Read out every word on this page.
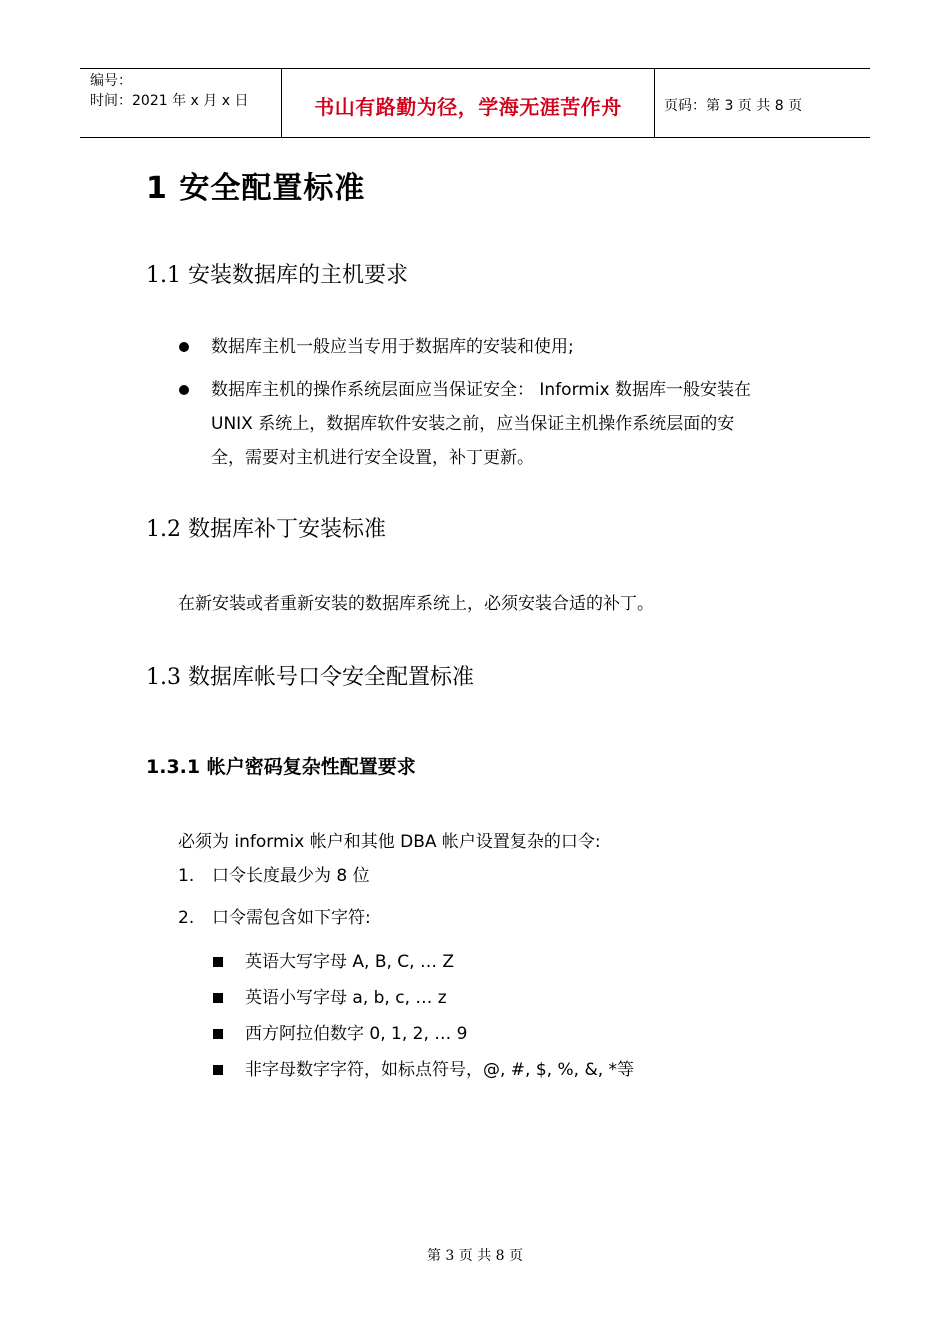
编号：
时间：2021 年 x 月 x 日	书山有路勤为径，学海无涯苦作舟	页码：第 3 页 共 8 页
1 安全配置标准
1.1 安装数据库的主机要求
数据库主机一般应当专用于数据库的安装和使用;
数据库主机的操作系统层面应当保证安全： Informix 数据库一般安装在
UNIX 系统上，数据库软件安装之前，应当保证主机操作系统层面的安
全，需要对主机进行安全设置，补丁更新。
1.2 数据库补丁安装标准
在新安装或者重新安装的数据库系统上，必须安装合适的补丁。
1.3 数据库帐号口令安全配置标准
1.3.1 帐户密码复杂性配置要求
必须为 informix 帐户和其他 DBA 帐户设置复杂的口令:
1. 口令长度最少为 8 位
2. 口令需包含如下字符:
英语大写字母 A, B, C, … Z
英语小写字母 a, b, c, … z
西方阿拉伯数字 0, 1, 2, … 9
非字母数字字符，如标点符号，@, #, $, %, &, *等
第 3 页 共 8 页
